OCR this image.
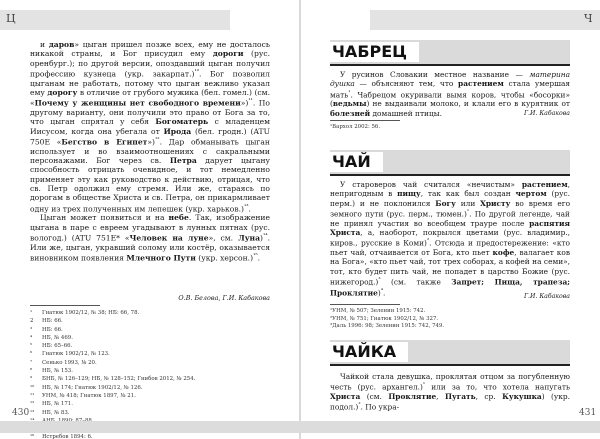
Ц

и даров» цыган пришел позже всех, ему не досталось никакой страны, и Бог присудил ему дороги (рус. оренбург.); по другой версии, опоздавший цыган получил профессию кузнеца (укр. закарпат.)$^{^{10}}$. Бог позволил цыганам не работать, потому что цыган вежливо указал ему дорогу в отличие от грубого мужика (бел. гомел.) (см. «Почему у женщины нет свободного времени»)$^{^{11}}$. По другому варианту, они получили это право от Бога за то, что цыган спрятал у себя Богоматерь с младенцем Иисусом, когда она убегала от Ирода (бел. гродн.) (ATU 750E «Бегство в Египет»)$^{^{12}}$. Дар обманывать цыган использует и во взаимоотношениях с сакральными персонажами. Бог через св. Петра дарует цыгану способность отрицать очевидное, и тот немедленно применяет эту как руководство к действию, отрицая, что св. Петр одолжил ему стремя. Или же, стараясь по дорогам в обществе Христа и св. Петра, он прикармливает одну из трех полученных им лепешек (укр. харьков.)$^{^{13}}$.

Цыган может появиться и на небе. Так, изображение цыгана в паре с евреем угадывают в лунных пятнах (рус. вологод.) (ATU 751E* «Человек на луне», см. Луна)$^{^{14}}$. Или же, цыган, укравший солому или костёр, оказывается виновником появления Млечного Пути (укр. херсон.)$^{^{15}}$.

О.В. Белова, Г.И. Кабакова
¹ Гнатюк 1902/12, № 38; НБ: 66, 78.
2 НБ: 66.
³ НБ: 66.
⁴ НБ, № 469.
⁵ НБ: 65–66.
⁶ Гнатюк 1902/12, № 123.
⁷ Сенько 1993, № 20.
⁸ НБ, № 153.
⁹ БНБ, № 126–129; НБ, № 128–152; Гнибов 2012, № 254.
¹⁰ НБ, № 174; Гнатюк 1902/12, № 126.
¹¹ УНМ, № 418; Гнатюк 1897, № 21.
¹² НБ, № 171.
¹³ НБ, № 83.
¹⁶ Ястребов 1894: 6.
430
Ч
ЧАБРЕЦ
У русинов Словакии местное название — материна душка — объясняют тем, что растением стала умершая мать$^{^1}$. Чабрецом окуривали вымя коров, чтобы «босорки» (ведьмы) не выдаивали молоко, и клали его в курятник от болезней домашней птицы.	Г.И. Кабакова
¹Вархол 2002: 56.
ЧАЙ
У староверов чай считался «нечистым» растением, непригодным в пищу, так как был создан чертом (рус. перм.) и не поклонился Богу или Христу во время его земного пути (рус. перм., тюмен.)$^{^1}$. По другой легенде, чай не принял участия во всеобщем трауре после распятия Христа, а, наоборот, покрылся цветами (рус. владимир., киров., русские в Коми)$^{^2}$. Отсюда и предостережение: «кто пьет чай, отчаивается от Бога, кто пьет кофе, валагает ков на Бога», «кто пьет чай, тот трех соборах, а кофей на семи», тот, кто будет пить чай, не попадет в царство Божие (рус. нижегород.)$^{^3}$ (см. также Запрет; Пища, трапеза; Проклятие)$^{^4}$.	Г.И. Кабакова
¹УНМ, № 507; Зеленин 1915: 742.
²УНМ, № 751; Гнатюк 1902/12, № 327.
³Даль 1996: 98; Зеленин 1915: 742, 749.
ЧАЙКА
Чайкой стала девушка, проклятая отцом за погубленную честь (рус. архангел.)$^{^1}$ или за то, что хотела напугать Христа (см. Проклятие, Пугать, ср. Кукушка) (укр. подол.)$^{^2}$. По укра-
431
